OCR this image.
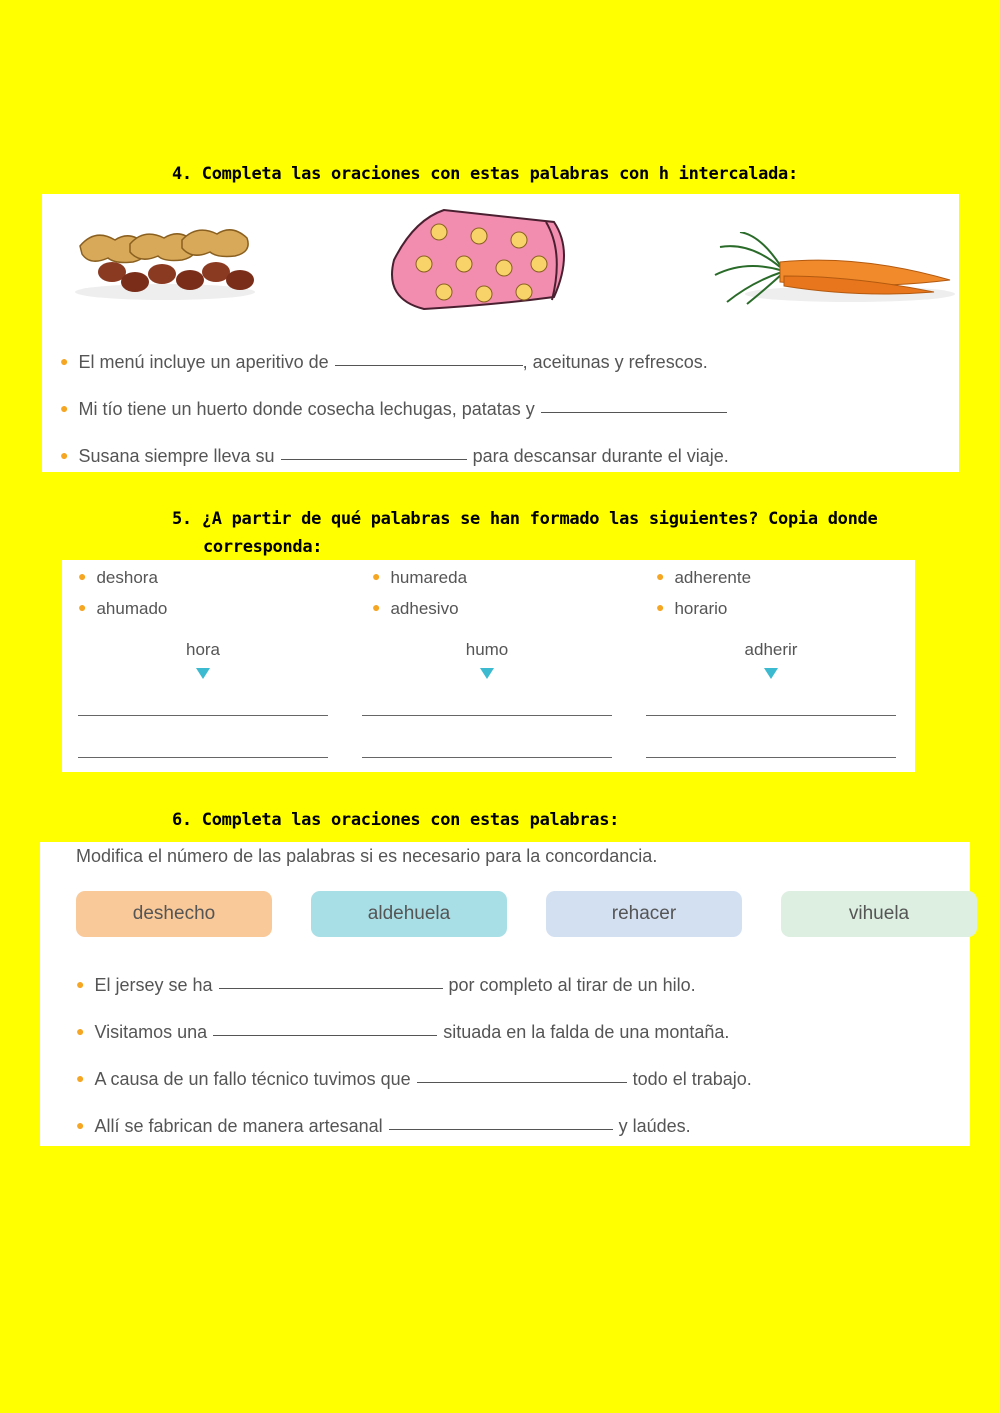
4. Completa las oraciones con estas palabras con h intercalada:
● El menú incluye un aperitivo de	, aceitunas y refrescos.
● Mi tío tiene un huerto donde cosecha lechugas, patatas y
● Susana siempre lleva su	para descansar durante el viaje.
5. ¿A partir de qué palabras se han formado las siguientes? Copia donde
corresponda:
● deshora	● humareda	● adherente
● ahumado	● adhesivo	● horario
hora	humo	adherir
6. Completa las oraciones con estas palabras:
Modifica el número de las palabras si es necesario para la concordancia.
deshecho	aldehuela	rehacer	vihuela
● El jersey se ha	por completo al tirar de un hilo.
● Visitamos una	situada en la falda de una montaña.
● A causa de un fallo técnico tuvimos que	todo el trabajo.
● Allí se fabrican de manera artesanal	y laúdes.
